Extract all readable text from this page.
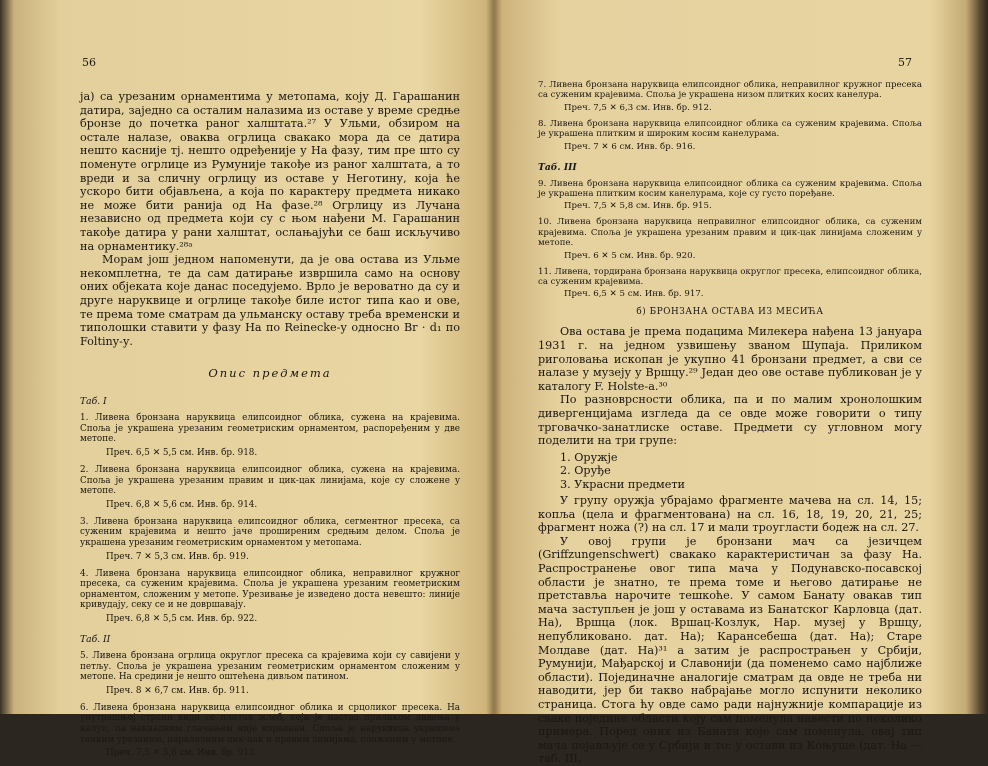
56

ја) са урезаним орнаментима у метопама, коју Д. Гарашанин датира, заједно са осталим налазима из оставе у време средње бронзе до почетка раног халштата.²⁷ У Ульми, обзиром на остале налазе, оваква огрлица свакако мора да се датира нешто касније тј. нешто одређеније у На фазу, тим пре што су поменуте огрлице из Румуније такође из раног халштата, а то вреди и за сличну огрлицу из оставе у Неготину, која ће ускоро бити објављена, а која по карактеру предмета никако не може бити ранија од На фазе.²⁸ Огрлицу из Лучана независно од предмета који су с њом нађени М. Гарашанин такође датира у рани халштат, ослањајући се баш искључиво на орнаментику.²⁸ᵃ

Морам још једном напоменути, да је ова остава из Ульме некомплетна, те да сам датирање извршила само на основу оних објеката које данас поседујемо. Врло је вероватно да су и друге наруквице и огрлице такође биле истог типа као и ове, те према томе сматрам да ульманску оставу треба временски и типолошки ставити у фазу На по Reinecke-у односно Br · d₁ по Foltiny-у.

Опис предмета
Таб. I

1. Ливена бронзана наруквица елипсоидног облика, сужена на крајевима. Споља је украшена урезаним геометриским орнаментом, распоређеним у две метопе.

Преч. 6,5 ✕ 5,5 см. Инв. бр. 918.

2. Ливена бронзана наруквица елипсоидног облика, сужена на крајевима. Споља је украшена урезаним правим и цик-цак линијама, које су сложене у метопе.

Преч. 6,8 ✕ 5,6 см. Инв. бр. 914.

3. Ливена бронзана наруквица елипсоидног облика, сегментног пресека, са суженим крајевима и нешто јаче проширеним средњим делом. Споља је украшена урезаним геометриским орнаментом у метопама.

Преч. 7 ✕ 5,3 см. Инв. бр. 919.

4. Ливена бронзана наруквица елипсоидног облика, неправилног кружног пресека, са суженим крајевима. Споља је украшена урезаним геометриским орнаментом, сложеним у метопе. Урезивање је изведено доста невешто: линије кривудају, секу се и не довршавају.

Преч. 6,8 ✕ 5,5 см. Инв. бр. 922.
Таб. II

5. Ливена бронзана огрлица округлог пресека са крајевима који су савијени у петљу. Споља је украшена урезаним геометриским орнаментом сложеним у метопе. На средини је нешто оштећена дивљом патином.

Преч. 8 ✕ 6,7 см. Инв. бр. 911.

6. Ливена бронзана наруквица елипсоидног облика и срцоликог пресека. На унутрашњој страни види се плитак жлеб, који је настао приликом ливења у калуп, па накнадним глачањем није изравнан. Споља је наруквица украшена танким урезаним, паралелним цик-цак и правим линијама, сложеним у метопе.

Преч. 7,5 ✕ 5,6 см. Инв. бр. 913.
57

7. Ливена бронзана наруквица елипсоидног облика, неправилног кружног пресека са суженим крајевима. Споља је украшена низом плитких косих канелура.

Преч. 7,5 ✕ 6,3 см. Инв. бр. 912.

8. Ливена бронзана наруквица елипсоидног облика са суженим крајевима. Споља је украшена плитким и широким косим канелурама.

Преч. 7 ✕ 6 см. Инв. бр. 916.
Таб. III

9. Ливена бронзана наруквица елипсоидног облика са суженим крајевима. Споља је украшена плитким косим канелурама, које су густо поређане.

Преч. 7,5 ✕ 5,8 см. Инв. бр. 915.

10. Ливена бронзана наруквица неправилног елипсоидног облика, са суженим крајевима. Споља је украшена урезаним правим и цик-цак линијама сложеним у метопе.

Преч. 6 ✕ 5 см. Инв. бр. 920.

11. Ливена, тордирана бронзана наруквица округлог пресека, елипсоидног облика, са суженим крајевима.

Преч. 6,5 ✕ 5 см. Инв. бр. 917.
б) БРОНЗАНА ОСТАВА ИЗ МЕСИЋА

Ова остава је према подацима Милекера нађена 13 јануара 1931 г. на једном узвишењу званом Шупаја. Приликом риголовања ископан је укупно 41 бронзани предмет, а сви се налазе у музеју у Вршцу.²⁹ Један део ове оставе публикован је у каталогу F. Holste-a.³⁰

По разноврсности облика, па и по малим хронолошким дивергенцијама изгледа да се овде може говорити о типу трговачко-занатлиске оставе. Предмети су угловном могу поделити на три групе:

1. Оружје
2. Оруђе
3. Украсни предмети

У групу оружја убрајамо фрагменте мачева на сл. 14, 15; копља (цела и фрагментована) на сл. 16, 18, 19, 20, 21, 25; фрагмент ножа (?) на сл. 17 и мали троугласти бодеж на сл. 27.

У овој групи је бронзани мач са језичцем (Griffzungenschwert) свакако карактеристичан за фазу На. Распространење овог типа мача у Подунавско-посавској области је знатно, те према томе и његово датирање не претставља нарочите тешкоће. У самом Банату овакав тип мача заступљен је још у оставама из Банатског Карловца (дат. На), Вршца (лок. Вршац-Козлук, Нар. музеј у Вршцу, непубликовано. дат. На); Карансебеша (дат. На); Старе Молдаве (дат. На)³¹ а затим је распрострањен у Србији, Румунији, Мађарској и Славонији (да поменемо само најближе области). Појединачне аналогије сматрам да овде не треба ни наводити, јер би такво набрајање могло испунити неколико страница. Стога ћу овде само ради најнужније компарације из сваке поједине области коју сам поменула навести по неколико примера. Поред оних из Баната које сам поменула, овај тип мача појављује се у Србији и то: у остави из Коњуше (дат. На — таб. III,
